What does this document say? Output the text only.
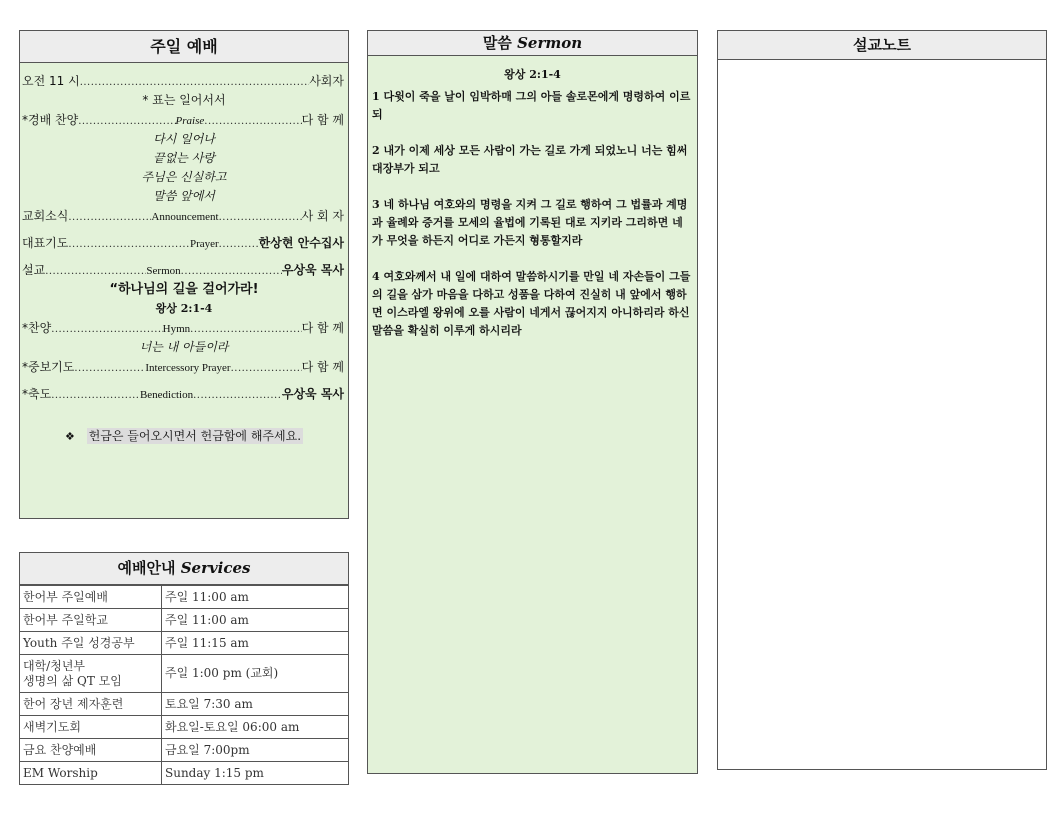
주일 예배
오전 11 시 .....	사회자
* 표는 일어서서
*경배 찬양 .....	Praise .....	다 함 께
다시 일어나
끝없는 사랑
주님은 신실하고
말씀 앞에서
교회소식 .....	Announcement .....	사 회 자
대표기도 .....	Prayer .....	한상현 안수집사
설교 .....	Sermon .....	우상욱 목사
“하나님의 길을 걸어가라!
왕상 2:1-4
*찬양 .....	Hymn .....	다 함 께
너는 내 아들이라
*중보기도 .....	Intercessory Prayer .....	다 함 께
*축도 .....	Benediction .....	우상욱 목사
❖ 헌금은 들어오시면서 헌금함에 해주세요.
예배안내 Services
한어부 주일예배	주일 11:00 am
한어부 주일학교	주일 11:00 am
Youth 주일 성경공부	주일 11:15 am

대학/청년부
생명의 삶 QT 모임	주일 1:00 pm (교회)
한어 장년 제자훈련	토요일 7:30 am
새벽기도회	화요일-토요일 06:00 am
금요 찬양예배	금요일 7:00pm
EM Worship	Sunday 1:15 pm
말씀 Sermon
왕상 2:1-4
1 다윗이 죽을 날이 임박하매 그의 아들 솔로몬에게 명령하여 이르되
2 내가 이제 세상 모든 사람이 가는 길로 가게 되었노니 너는 힘써 대장부가 되고
3 네 하나님 여호와의 명령을 지켜 그 길로 행하여 그 법률과 계명과 율례와 증거를 모세의 율법에 기록된 대로 지키라 그리하면 네가 무엇을 하든지 어디로 가든지 형통할지라
4 여호와께서 내 일에 대하여 말씀하시기를 만일 네 자손들이 그들의 길을 삼가 마음을 다하고 성품을 다하여 진실히 내 앞에서 행하면 이스라엘 왕위에 오를 사람이 네게서 끊어지지 아니하리라 하신 말씀을 확실히 이루게 하시리라
설교노트
